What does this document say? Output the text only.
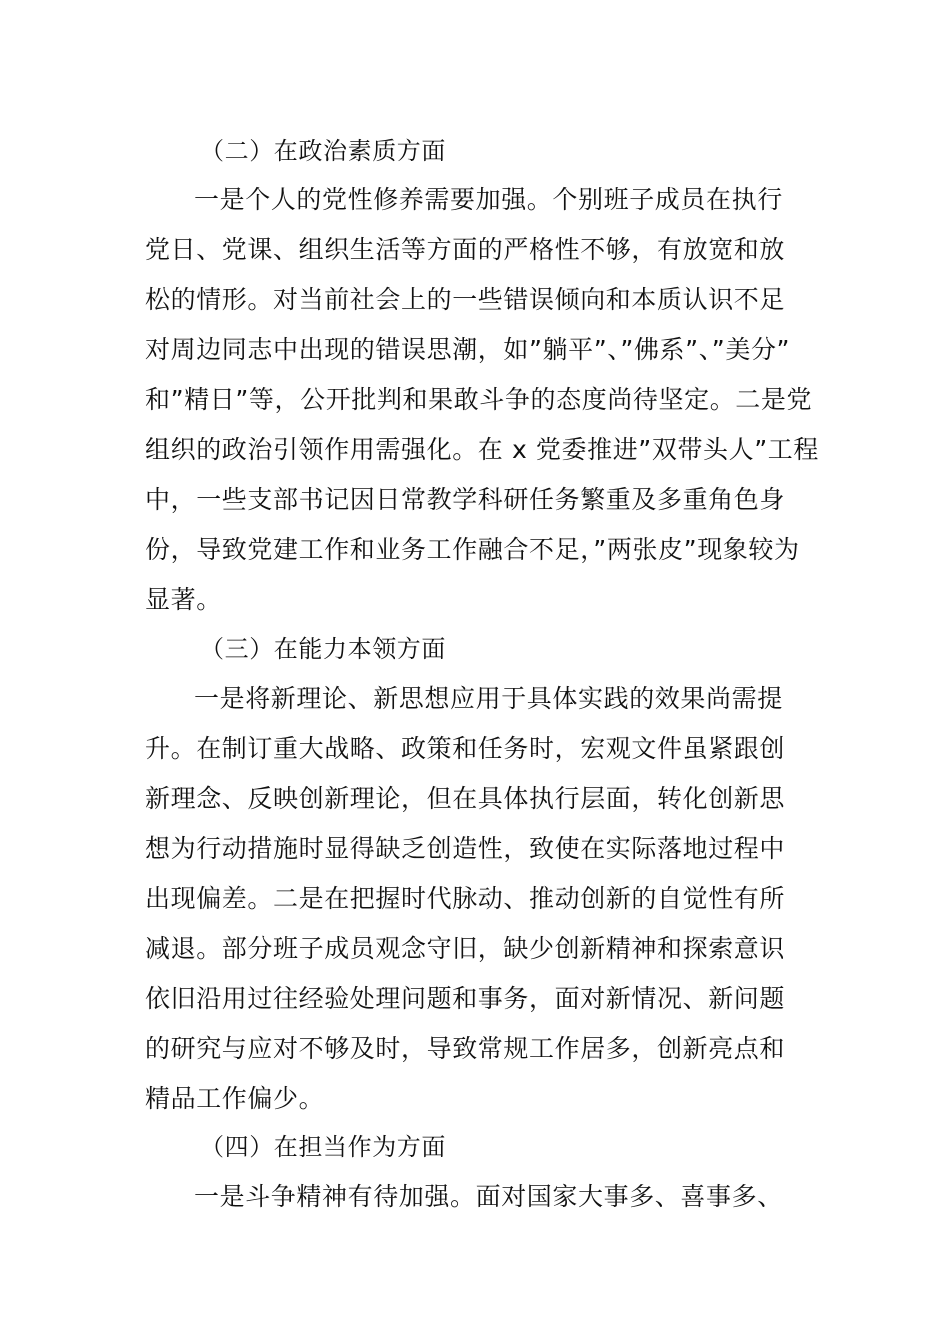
（二）在政治素质方面
一是个人的党性修养需要加强。个别班子成员在执行
党日、党课、组织生活等方面的严格性不够，有放宽和放
松的情形。对当前社会上的一些错误倾向和本质认识不足
对周边同志中出现的错误思潮，如”躺平”、”佛系”、”美分”
和”精日”等，公开批判和果敢斗争的态度尚待坚定。二是党
组织的政治引领作用需强化。在 x 党委推进”双带头人”工程
中，一些支部书记因日常教学科研任务繁重及多重角色身
份，导致党建工作和业务工作融合不足，”两张皮”现象较为
显著。
（三）在能力本领方面
一是将新理论、新思想应用于具体实践的效果尚需提
升。在制订重大战略、政策和任务时，宏观文件虽紧跟创
新理念、反映创新理论，但在具体执行层面，转化创新思
想为行动措施时显得缺乏创造性，致使在实际落地过程中
出现偏差。二是在把握时代脉动、推动创新的自觉性有所
减退。部分班子成员观念守旧，缺少创新精神和探索意识
依旧沿用过往经验处理问题和事务，面对新情况、新问题
的研究与应对不够及时，导致常规工作居多，创新亮点和
精品工作偏少。
（四）在担当作为方面
一是斗争精神有待加强。面对国家大事多、喜事多、
